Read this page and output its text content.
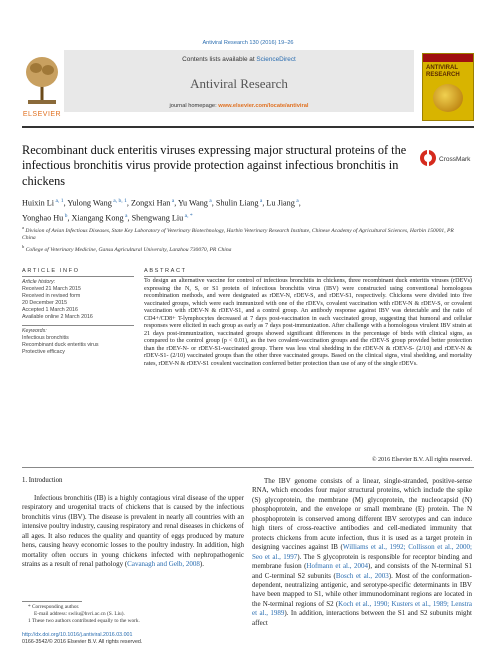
Antiviral Research 130 (2016) 19–26
Contents lists available at ScienceDirect
Antiviral Research
journal homepage: www.elsevier.com/locate/antiviral
ELSEVIER
ANTIVIRAL RESEARCH
Recombinant duck enteritis viruses expressing major structural proteins of the infectious bronchitis virus provide protection against infectious bronchitis in chickens
CrossMark
Huixin Li $^{a, 1}$, Yulong Wang $^{a, b, 1}$, Zongxi Han $^a$, Yu Wang $^a$, Shulin Liang $^a$, Lu Jiang $^a$,
Yonghao Hu $^b$, Xiangang Kong $^a$, Shengwang Liu $^{a, *}$
$^a$ Division of Avian Infectious Diseases, State Key Laboratory of Veterinary Biotechnology, Harbin Veterinary Research Institute, Chinese Academy of Agricultural Sciences, Harbin 150001, PR China
$^b$ College of Veterinary Medicine, Gansu Agricultural University, Lanzhou 730070, PR China
ARTICLE INFO
Article history:
Received 21 March 2015
Received in revised form
20 December 2015
Accepted 1 March 2016
Available online 2 March 2016
Keywords:
Infectious bronchitis
Recombinant duck enteritis virus
Protective efficacy
ABSTRACT
To design an alternative vaccine for control of infectious bronchitis in chickens, three recombinant duck enteritis viruses (rDEVs) expressing the N, S, or S1 protein of infectious bronchitis virus (IBV) were constructed using conventional homologous recombination methods, and were designated as rDEV-N, rDEV-S, and rDEV-S1, respectively. Chickens were divided into five vaccinated groups, which were each immunized with one of the rDEVs, covalent vaccination with rDEV-N & rDEV-S, or covalent vaccination with rDEV-N & rDEV-S1, and a control group. An antibody response against IBV was detectable and the ratio of CD4+/CD8+ T-lymphocytes decreased at 7 days post-vaccination in each vaccinated group, suggesting that humoral and cellular responses were elicited in each group as early as 7 days post-immunization. After challenge with a homologous virulent IBV strain at 21 days post-immunization, vaccinated groups showed significant differences in the percentage of birds with clinical signs, as compared to the control group (p < 0.01), as the two covalent-vaccination groups and the rDEV-S group provided better protection than the rDEV-N- or rDEV-S1-vaccinated group. There was less viral shedding in the rDEV-N & rDEV-S- (2/10) and rDEV-N & rDEV-S1- (2/10) vaccinated groups than the other three vaccinated groups. Based on the clinical signs, viral shedding, and mortality rates, rDEV-N & rDEV-S1 covalent vaccination conferred better protection than use of any of the single rDEVs.
© 2016 Elsevier B.V. All rights reserved.
1. Introduction
Infectious bronchitis (IB) is a highly contagious viral disease of the upper respiratory and urogenital tracts of chickens that is caused by the infectious bronchitis virus (IBV). The disease is prevalent in nearly all countries with an intensive poultry industry, causing respiratory and renal diseases in chickens of all ages. It also reduces the quality and quantity of eggs produced by mature hens, causing heavy economic losses to the poultry industry. In addition, high mortality often occurs in young chickens infected with nephropathogenic strains as a result of renal pathology (Cavanagh and Gelb, 2008).
The IBV genome consists of a linear, single-stranded, positive-sense RNA, which encodes four major structural proteins, which include the spike (S) glycoprotein, the membrane (M) glycoprotein, the nucleocapsid (N) phosphoprotein, and the envelope or small membrane (E) protein. The N phosphoprotein is conserved among different IBV serotypes and can induce high titers of cross-reactive antibodies and cell-mediated immunity that protects chickens from acute infection, thus it is used as a target protein in designing vaccines against IB (Williams et al., 1992; Collisson et al., 2000; Seo et al., 1997). The S glycoprotein is responsible for receptor binding and membrane fusion (Hofmann et al., 2004), and consists of the N-terminal S1 and C-terminal S2 subunits (Bosch et al., 2003). Most of the conformation-dependent, neutralizing antigenic, and serotype-specific determinants in IBV have been mapped to S1, while other immunodominant regions are located in the N-terminal regions of S2 (Koch et al., 1990; Kusters et al., 1989; Lenstra et al., 1989). In addition, interactions between the S1 and S2 subunits might affect
* Corresponding author.
E-mail address: swliu@hvri.ac.cn (S. Liu).
1 These two authors contributed equally to the work.
http://dx.doi.org/10.1016/j.antiviral.2016.03.001
0166-3542/© 2016 Elsevier B.V. All rights reserved.
